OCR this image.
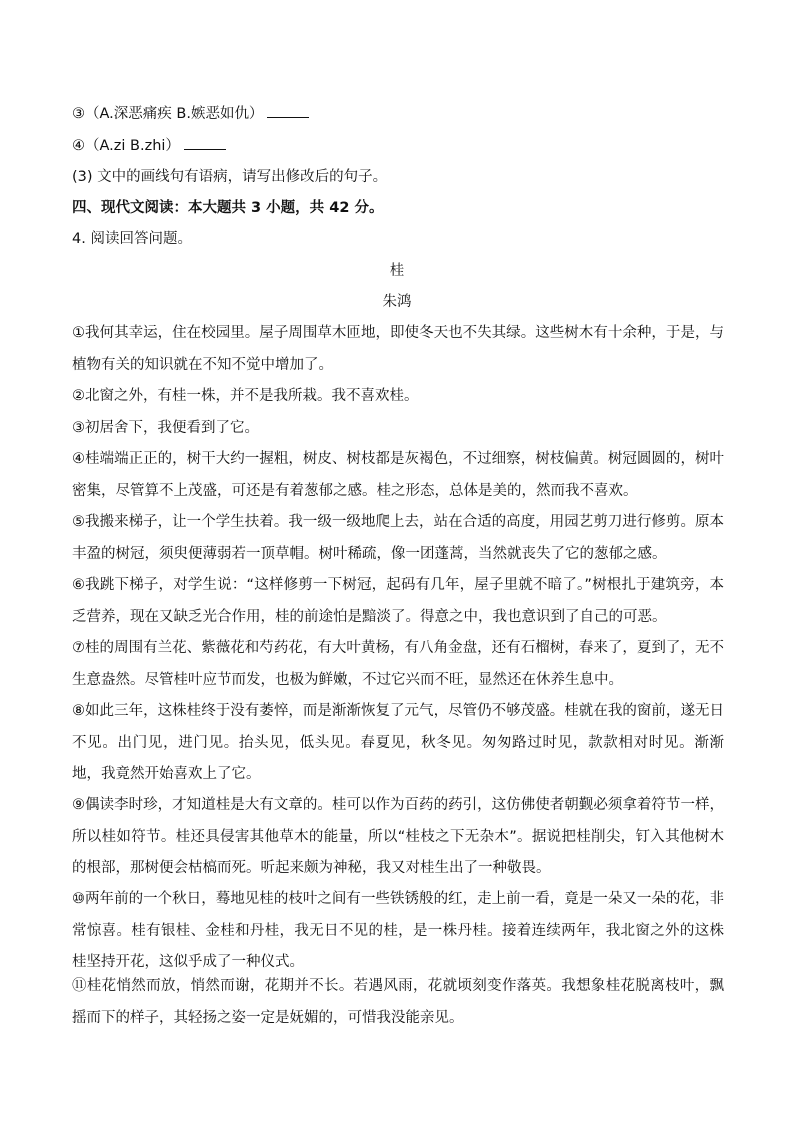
③（A.深恶痛疾 B.嫉恶如仇）
④（A.zi B.zhi）
(3) 文中的画线句有语病，请写出修改后的句子。
四、现代文阅读：本大题共 3 小题，共 42 分。
4. 阅读回答问题。
桂
朱鸿
①我何其幸运，住在校园里。屋子周围草木匝地，即使冬天也不失其绿。这些树木有十余种，于是，与植物有关的知识就在不知不觉中增加了。
②北窗之外，有桂一株，并不是我所栽。我不喜欢桂。
③初居舍下，我便看到了它。
④桂端端正正的，树干大约一握粗，树皮、树枝都是灰褐色，不过细察，树枝偏黄。树冠圆圆的，树叶密集，尽管算不上茂盛，可还是有着葱郁之感。桂之形态，总体是美的，然而我不喜欢。
⑤我搬来梯子，让一个学生扶着。我一级一级地爬上去，站在合适的高度，用园艺剪刀进行修剪。原本丰盈的树冠，须臾便薄弱若一顶草帽。树叶稀疏，像一团蓬蒿，当然就丧失了它的葱郁之感。
⑥我跳下梯子，对学生说：“这样修剪一下树冠，起码有几年，屋子里就不暗了。”树根扎于建筑旁，本乏营养，现在又缺乏光合作用，桂的前途怕是黯淡了。得意之中，我也意识到了自己的可恶。
⑦桂的周围有兰花、紫薇花和芍药花，有大叶黄杨，有八角金盘，还有石榴树，春来了，夏到了，无不生意盎然。尽管桂叶应节而发，也极为鲜嫩，不过它兴而不旺，显然还在休养生息中。
⑧如此三年，这株桂终于没有萎悴，而是渐渐恢复了元气，尽管仍不够茂盛。桂就在我的窗前，遂无日不见。出门见，进门见。抬头见，低头见。春夏见，秋冬见。匆匆路过时见，款款相对时见。渐渐地，我竟然开始喜欢上了它。
⑨偶读李时珍，才知道桂是大有文章的。桂可以作为百药的药引，这仿佛使者朝觐必须拿着符节一样，所以桂如符节。桂还具侵害其他草木的能量，所以“桂枝之下无杂木”。据说把桂削尖，钉入其他树木的根部，那树便会枯槁而死。听起来颇为神秘，我又对桂生出了一种敬畏。
⑩两年前的一个秋日，蓦地见桂的枝叶之间有一些铁锈般的红，走上前一看，竟是一朵又一朵的花，非常惊喜。桂有银桂、金桂和丹桂，我无日不见的桂，是一株丹桂。接着连续两年，我北窗之外的这株桂坚持开花，这似乎成了一种仪式。
⑪桂花悄然而放，悄然而谢，花期并不长。若遇风雨，花就顷刻变作落英。我想象桂花脱离枝叶，飘摇而下的样子，其轻扬之姿一定是妩媚的，可惜我没能亲见。
